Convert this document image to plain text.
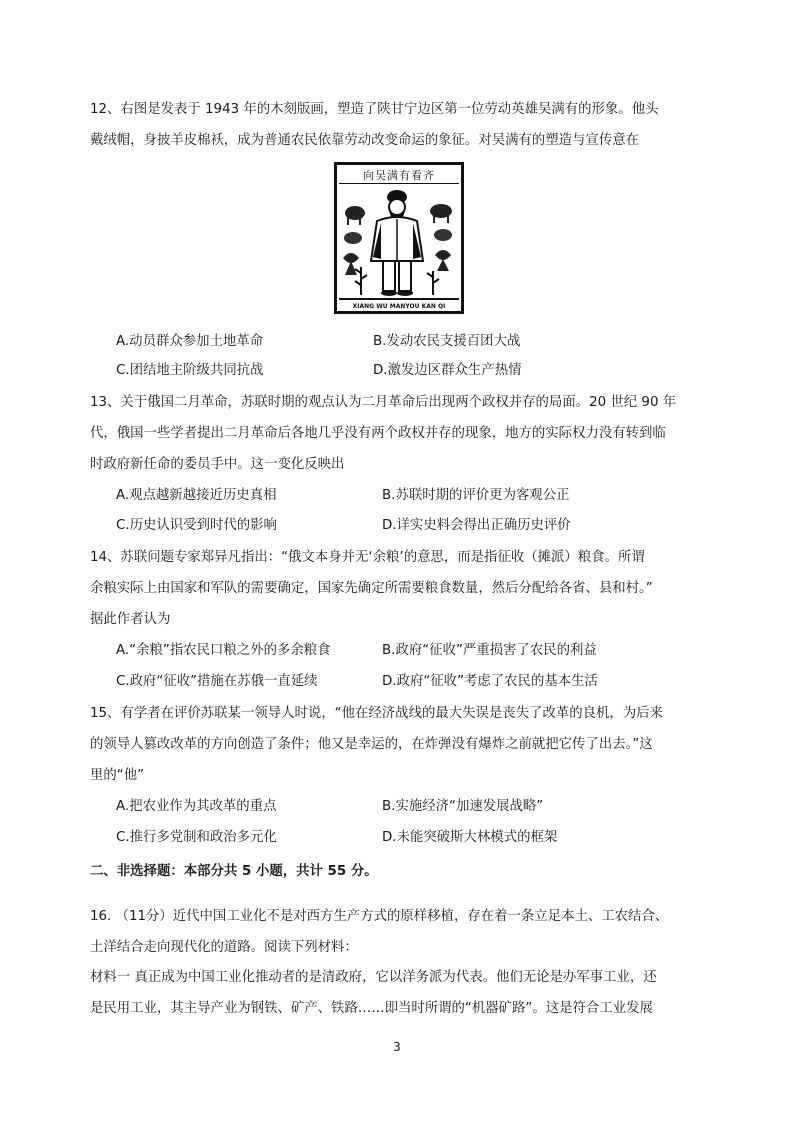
12、右图是发表于 1943 年的木刻版画，塑造了陕甘宁边区第一位劳动英雄吴满有的形象。他头
戴绒帽，身披羊皮棉袄，成为普通农民依靠劳动改变命运的象征。对吴满有的塑造与宣传意在
向吴满有看齐
XIANG WU MANYOU KAN QI
A.动员群众参加土地革命	B.发动农民支援百团大战
C.团结地主阶级共同抗战	D.激发边区群众生产热情
13、关于俄国二月革命，苏联时期的观点认为二月革命后出现两个政权并存的局面。20 世纪 90 年
代，俄国一些学者提出二月革命后各地几乎没有两个政权并存的现象，地方的实际权力没有转到临
时政府新任命的委员手中。这一变化反映出
A.观点越新越接近历史真相	B.苏联时期的评价更为客观公正
C.历史认识受到时代的影响	D.详实史料会得出正确历史评价
14、苏联问题专家郑异凡指出：“俄文本身并无‘余粮’的意思，而是指征收（摊派）粮食。所谓
余粮实际上由国家和军队的需要确定，国家先确定所需要粮食数量，然后分配给各省、县和村。”
据此作者认为
A.“余粮”指农民口粮之外的多余粮食	B.政府“征收”严重损害了农民的利益
C.政府“征收”措施在苏俄一直延续	D.政府“征收”考虑了农民的基本生活
15、有学者在评价苏联某一领导人时说，“他在经济战线的最大失误是丧失了改革的良机，为后来
的领导人篡改改革的方向创造了条件；他又是幸运的，在炸弹没有爆炸之前就把它传了出去。”这
里的“他”
A.把农业作为其改革的重点	B.实施经济“加速发展战略”
C.推行多党制和政治多元化	D.未能突破斯大林模式的框架
二、非选择题：本部分共 5 小题，共计 55 分。
16. （11分）近代中国工业化不是对西方生产方式的原样移植，存在着一条立足本土、工农结合、
土洋结合走向现代化的道路。阅读下列材料：
材料一 真正成为中国工业化推动者的是清政府，它以洋务派为代表。他们无论是办军事工业，还
是民用工业，其主导产业为钢铁、矿产、铁路……即当时所谓的“机器矿路”。这是符合工业发展
3
